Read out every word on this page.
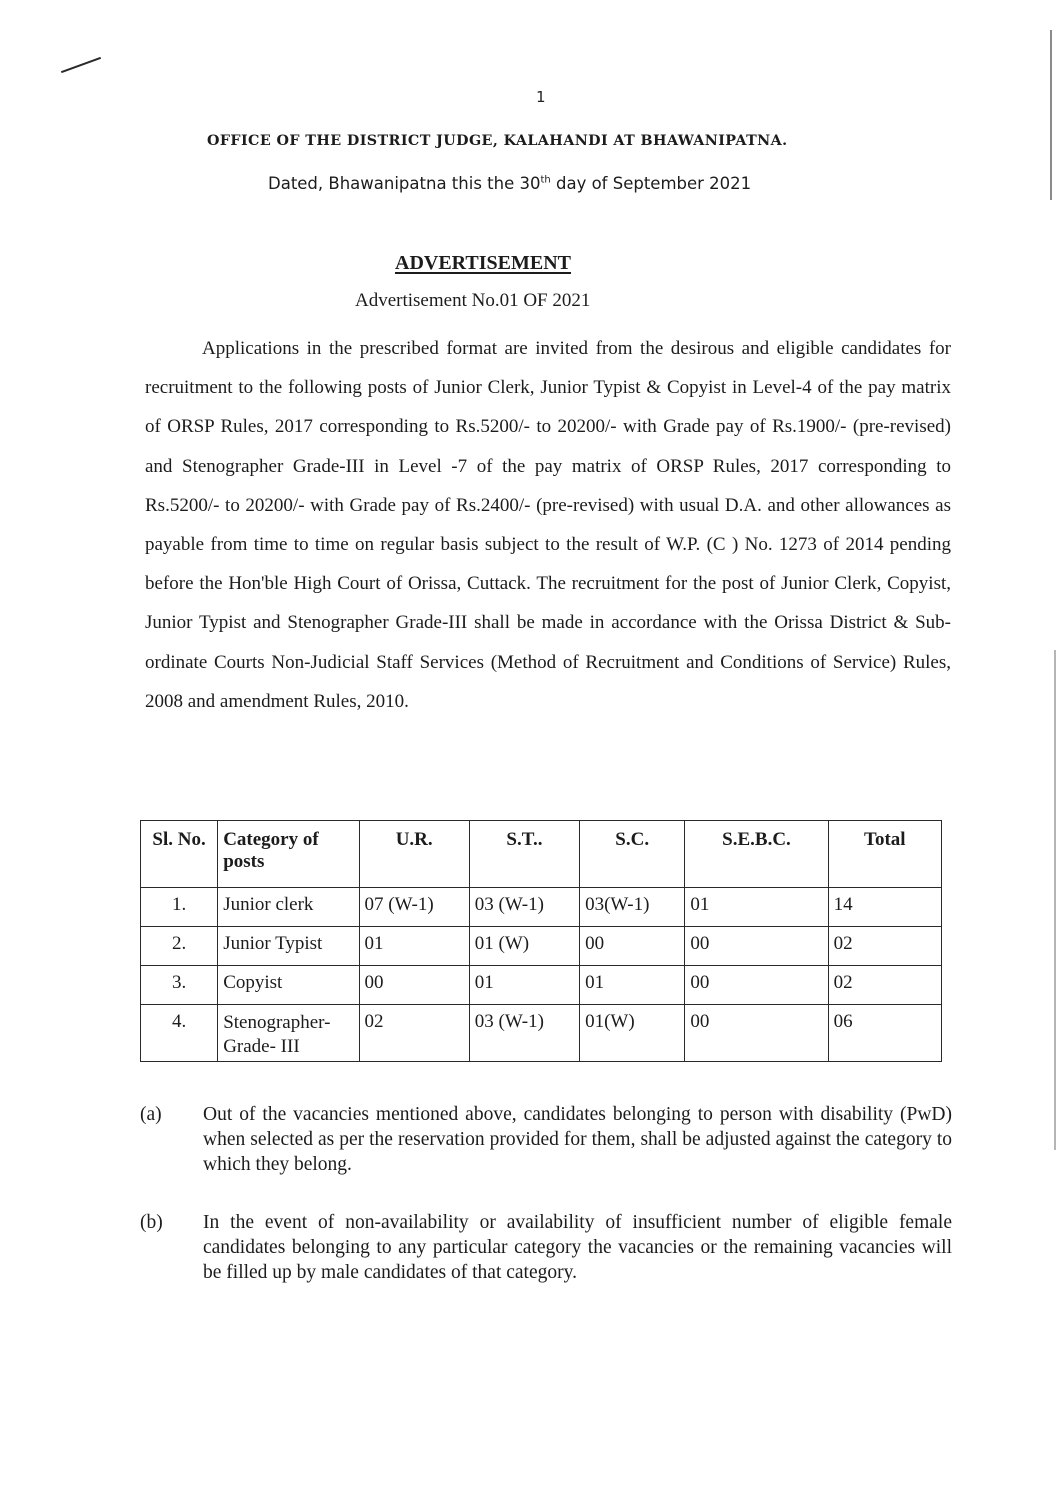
1
OFFICE OF THE DISTRICT JUDGE, KALAHANDI AT BHAWANIPATNA.
Dated, Bhawanipatna this the 30th day of September 2021
ADVERTISEMENT
Advertisement No.01 OF 2021

Applications in the prescribed format are invited from the desirous and eligible candidates for recruitment to the following posts of Junior Clerk, Junior Typist & Copyist in Level-4 of the pay matrix of ORSP Rules, 2017 corresponding to Rs.5200/- to 20200/- with Grade pay of Rs.1900/- (pre-revised) and Stenographer Grade-III in Level -7 of the pay matrix of ORSP Rules, 2017 corresponding to Rs.5200/- to 20200/- with Grade pay of Rs.2400/- (pre-revised) with usual D.A. and other allowances as payable from time to time on regular basis subject to the result of W.P. (C ) No. 1273 of 2014 pending before the Hon'ble High Court of Orissa, Cuttack. The recruitment for the post of Junior Clerk, Copyist, Junior Typist and Stenographer Grade-III shall be made in accordance with the Orissa District & Sub-ordinate Courts Non-Judicial Staff Services (Method of Recruitment and Conditions of Service) Rules, 2008 and amendment Rules, 2010.

Sl. No.	Category of posts	U.R.	S.T..	S.C.	S.E.B.C.	Total
1.	Junior clerk	07 (W-1)	03 (W-1)	03(W-1)	01	14
2.	Junior Typist	01	01 (W)	00	00	02
3.	Copyist	00	01	01	00	02
4.	Stenographer- Grade- III	02	03 (W-1)	01(W)	00	06
(a) Out of the vacancies mentioned above, candidates belonging to person with disability (PwD) when selected as per the reservation provided for them, shall be adjusted against the category to which they belong.
(b) In the event of non-availability or availability of insufficient number of eligible female candidates belonging to any particular category the vacancies or the remaining vacancies will be filled up by male candidates of that category.
